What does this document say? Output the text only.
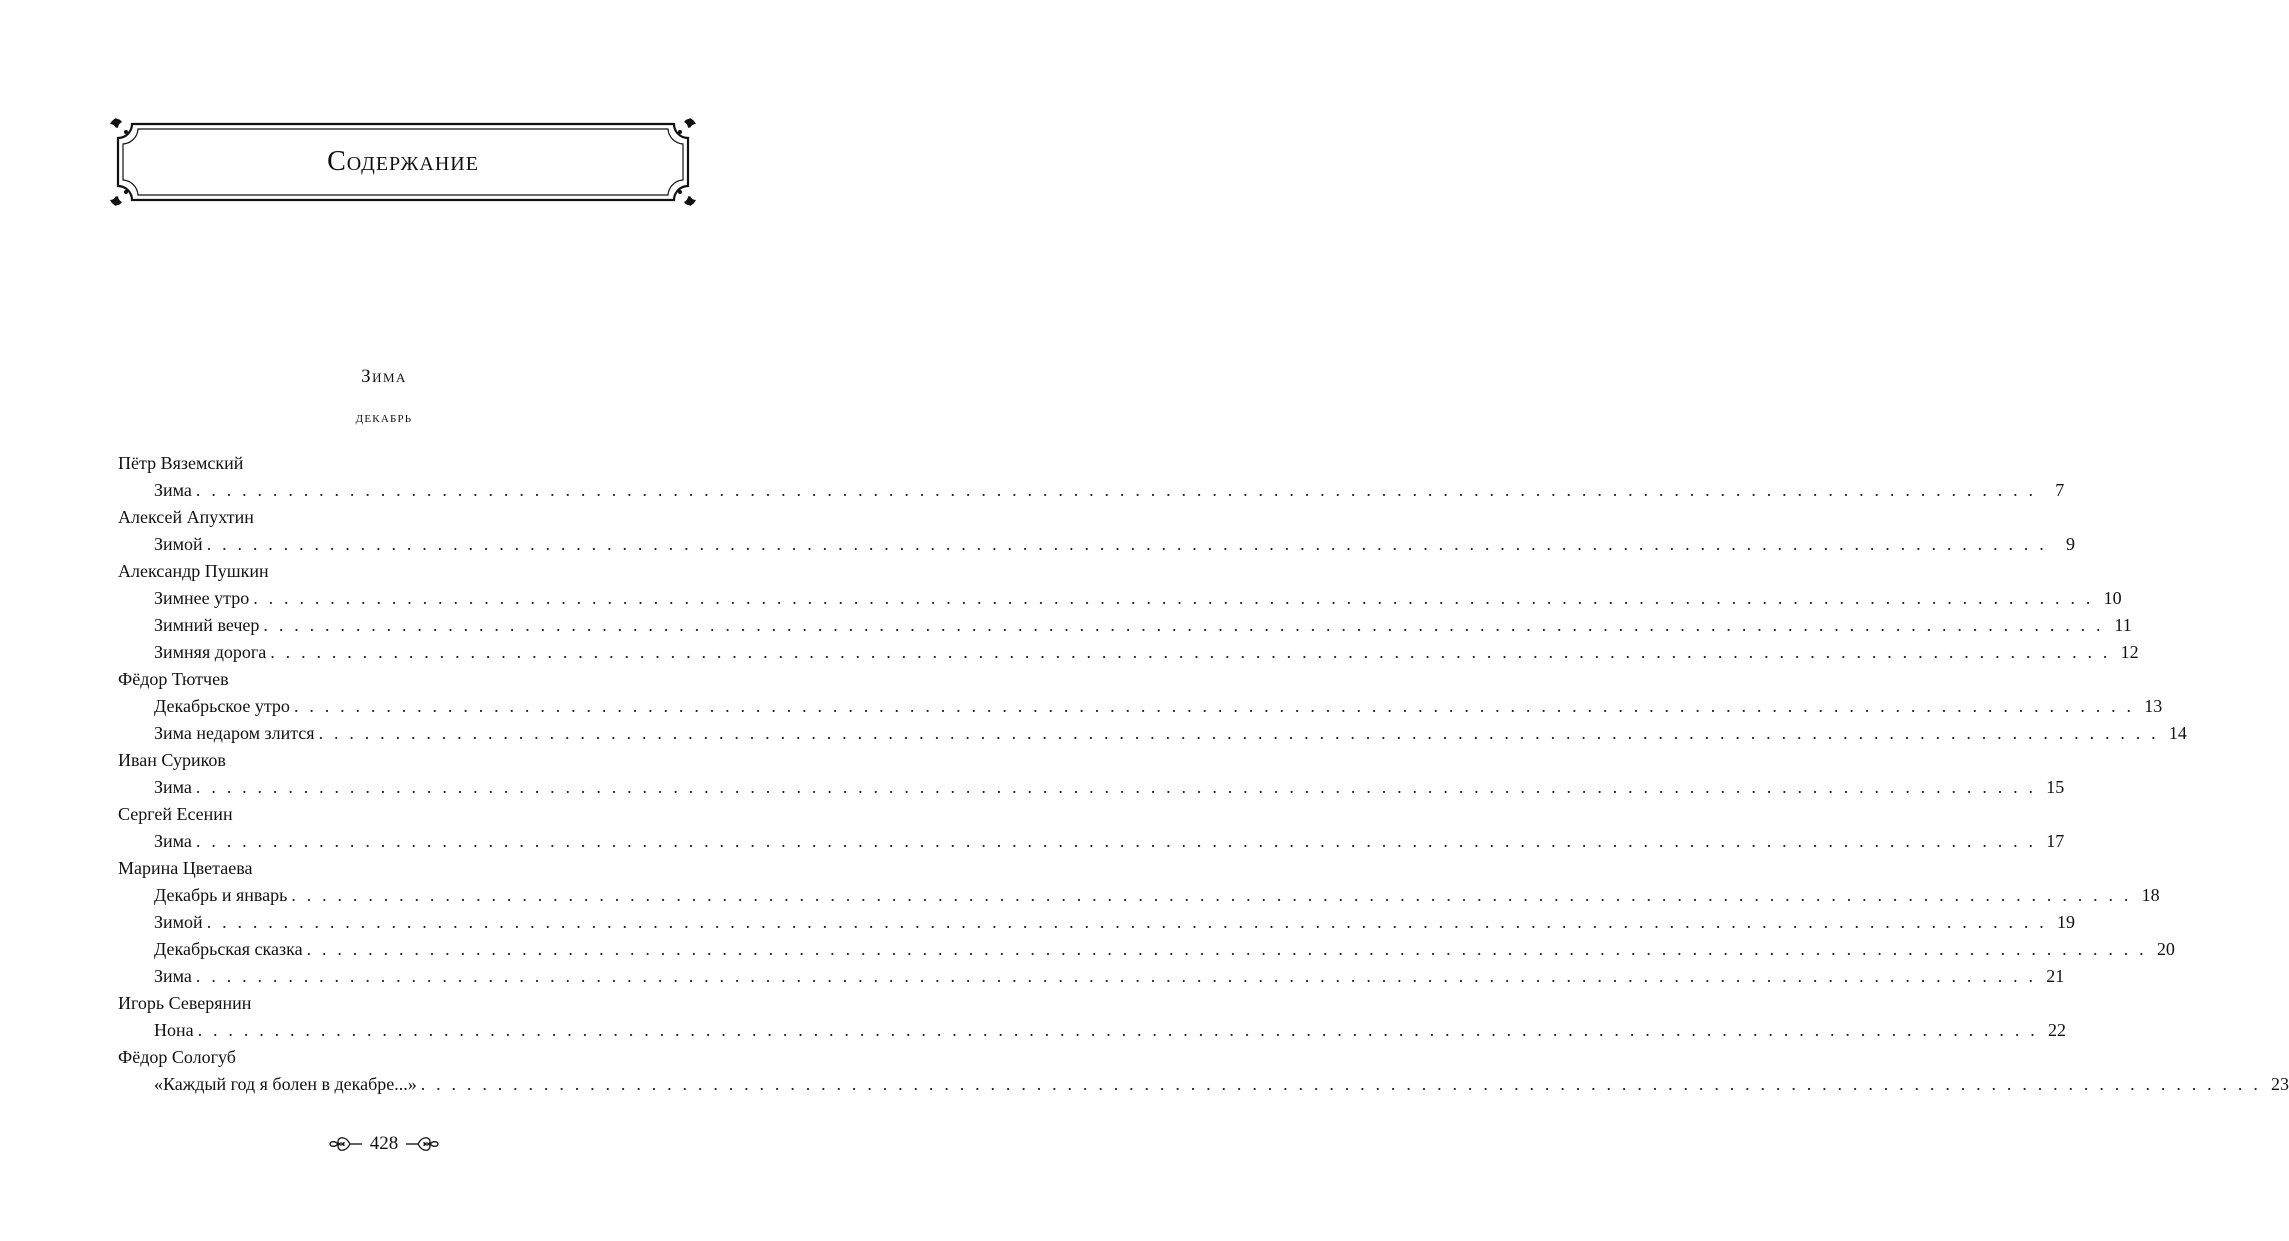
Содержание
Зима
декабрь
Пётр Вяземский
Зима . . . . . . . . . . . . . . . . . . . . . . . . . . . . . . . . . . . . . . . . . . . . . . . . . . . . . . . . . . . . . . . . . . . . . . . . . . . . . . . . . . . . . . . . . . . . . . . . . . . . . . . . . . . . . . . . . . . . . . . .	7
Алексей Апухтин
Зимой . . . . . . . . . . . . . . . . . . . . . . . . . . . . . . . . . . . . . . . . . . . . . . . . . . . . . . . . . . . . . . . . . . . . . . . . . . . . . . . . . . . . . . . . . . . . . . . . . . . . . . . . . . . . . . . . . . . . . . . .	9
Александр Пушкин
Зимнее утро . . . . . . . . . . . . . . . . . . . . . . . . . . . . . . . . . . . . . . . . . . . . . . . . . . . . . . . . . . . . . . . . . . . . . . . . . . . . . . . . . . . . . . . . . . . . . . . . . . . . . . . . . . . . . . . . . . . . . . . . 10
Зимний вечер . . . . . . . . . . . . . . . . . . . . . . . . . . . . . . . . . . . . . . . . . . . . . . . . . . . . . . . . . . . . . . . . . . . . . . . . . . . . . . . . . . . . . . . . . . . . . . . . . . . . . . . . . . . . . . . . . . . . . . . . 11
Зимняя дорога . . . . . . . . . . . . . . . . . . . . . . . . . . . . . . . . . . . . . . . . . . . . . . . . . . . . . . . . . . . . . . . . . . . . . . . . . . . . . . . . . . . . . . . . . . . . . . . . . . . . . . . . . . . . . . . . . . . . . . . . 12
Фёдор Тютчев
Декабрьское утро . . . . . . . . . . . . . . . . . . . . . . . . . . . . . . . . . . . . . . . . . . . . . . . . . . . . . . . . . . . . . . . . . . . . . . . . . . . . . . . . . . . . . . . . . . . . . . . . . . . . . . . . . . . . . . . . . . . . . . . . 13
Зима недаром злится . . . . . . . . . . . . . . . . . . . . . . . . . . . . . . . . . . . . . . . . . . . . . . . . . . . . . . . . . . . . . . . . . . . . . . . . . . . . . . . . . . . . . . . . . . . . . . . . . . . . . . . . . . . . . . . . . . . . . . . . 14
Иван Суриков
Зима . . . . . . . . . . . . . . . . . . . . . . . . . . . . . . . . . . . . . . . . . . . . . . . . . . . . . . . . . . . . . . . . . . . . . . . . . . . . . . . . . . . . . . . . . . . . . . . . . . . . . . . . . . . . . . . . . . . . . . . . 15
Сергей Есенин
Зима . . . . . . . . . . . . . . . . . . . . . . . . . . . . . . . . . . . . . . . . . . . . . . . . . . . . . . . . . . . . . . . . . . . . . . . . . . . . . . . . . . . . . . . . . . . . . . . . . . . . . . . . . . . . . . . . . . . . . . . . 17
Марина Цветаева
Декабрь и январь . . . . . . . . . . . . . . . . . . . . . . . . . . . . . . . . . . . . . . . . . . . . . . . . . . . . . . . . . . . . . . . . . . . . . . . . . . . . . . . . . . . . . . . . . . . . . . . . . . . . . . . . . . . . . . . . . . . . . . . . 18
Зимой . . . . . . . . . . . . . . . . . . . . . . . . . . . . . . . . . . . . . . . . . . . . . . . . . . . . . . . . . . . . . . . . . . . . . . . . . . . . . . . . . . . . . . . . . . . . . . . . . . . . . . . . . . . . . . . . . . . . . . . . 19
Декабрьская сказка . . . . . . . . . . . . . . . . . . . . . . . . . . . . . . . . . . . . . . . . . . . . . . . . . . . . . . . . . . . . . . . . . . . . . . . . . . . . . . . . . . . . . . . . . . . . . . . . . . . . . . . . . . . . . . . . . . . . . . . . 20
Зима . . . . . . . . . . . . . . . . . . . . . . . . . . . . . . . . . . . . . . . . . . . . . . . . . . . . . . . . . . . . . . . . . . . . . . . . . . . . . . . . . . . . . . . . . . . . . . . . . . . . . . . . . . . . . . . . . . . . . . . . 21
Игорь Северянин
Нона . . . . . . . . . . . . . . . . . . . . . . . . . . . . . . . . . . . . . . . . . . . . . . . . . . . . . . . . . . . . . . . . . . . . . . . . . . . . . . . . . . . . . . . . . . . . . . . . . . . . . . . . . . . . . . . . . . . . . . . . 22
Фёдор Сологуб
«Каждый год я болен в декабре...» . . . . . . . . . . . . . . . . . . . . . . . . . . . . . . . . . . . . . . . . . . . . . . . . . . . . . . . . . . . . . . . . . . . . . . . . . . . . . . . . . . . . . . . . . . . . . . . . . . . . . . . . . . . . . . . . . . . . . . . . 23
428
